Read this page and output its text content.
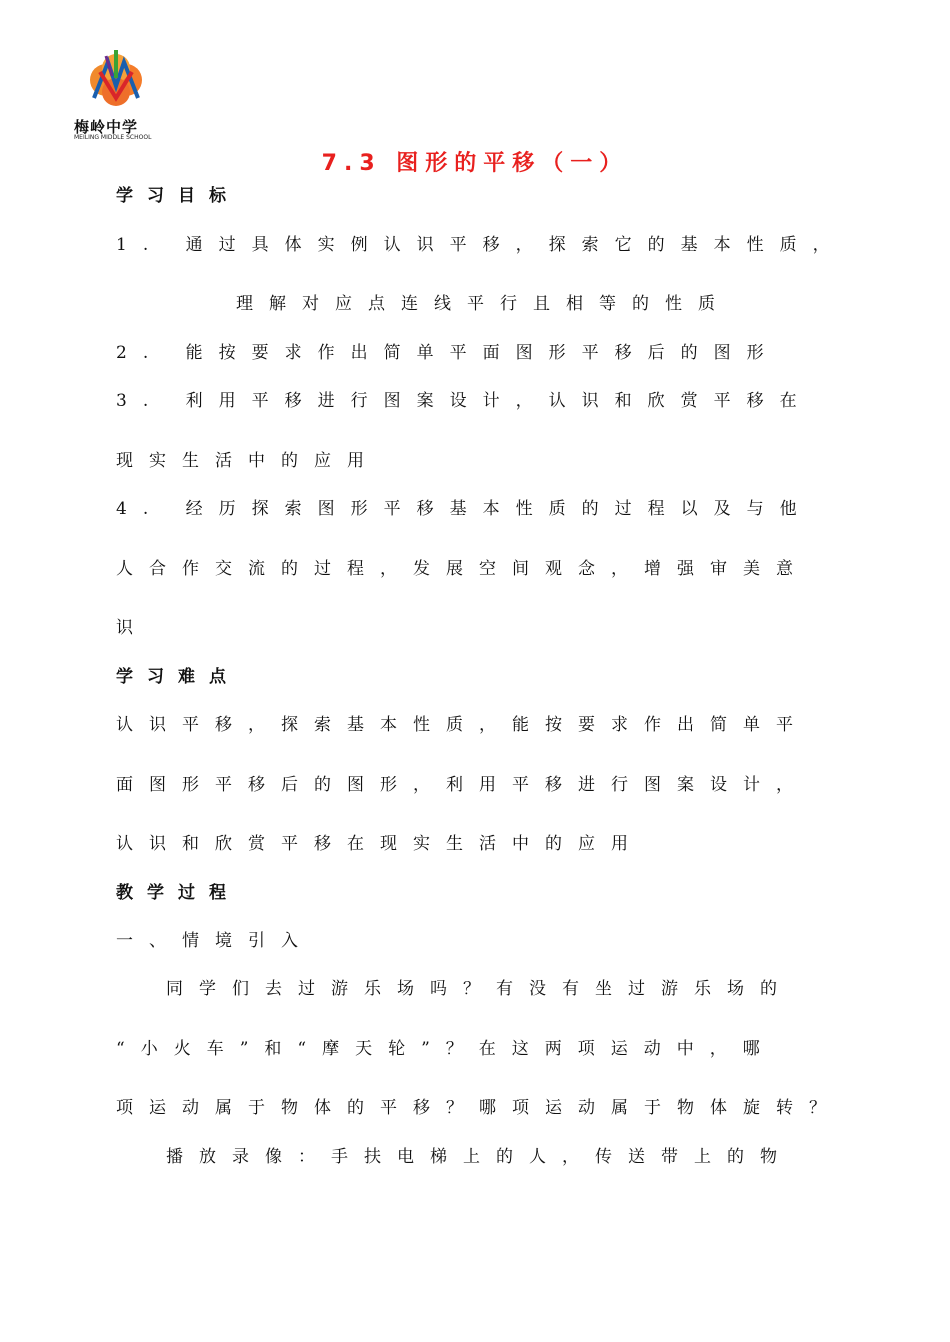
梅岭中学
MEILING MIDDLE SCHOOL
7.3 图形的平移（一）
学习目标
1. 通过具体实例认识平移，探索它的基本性质，
理解对应点连线平行且相等的性质
2. 能按要求作出简单平面图形平移后的图形
3. 利用平移进行图案设计，认识和欣赏平移在
现实生活中的应用
4. 经历探索图形平移基本性质的过程以及与他
人合作交流的过程，发展空间观念，增强审美意
识
学习难点
认识平移，探索基本性质，能按要求作出简单平
面图形平移后的图形，利用平移进行图案设计，
认识和欣赏平移在现实生活中的应用
教学过程
一、情境引入
同学们去过游乐场吗？有没有坐过游乐场的
“小火车”和“摩天轮”？在这两项运动中，哪
项运动属于物体的平移？哪项运动属于物体旋转？
播放录像：手扶电梯上的人，传送带上的物
